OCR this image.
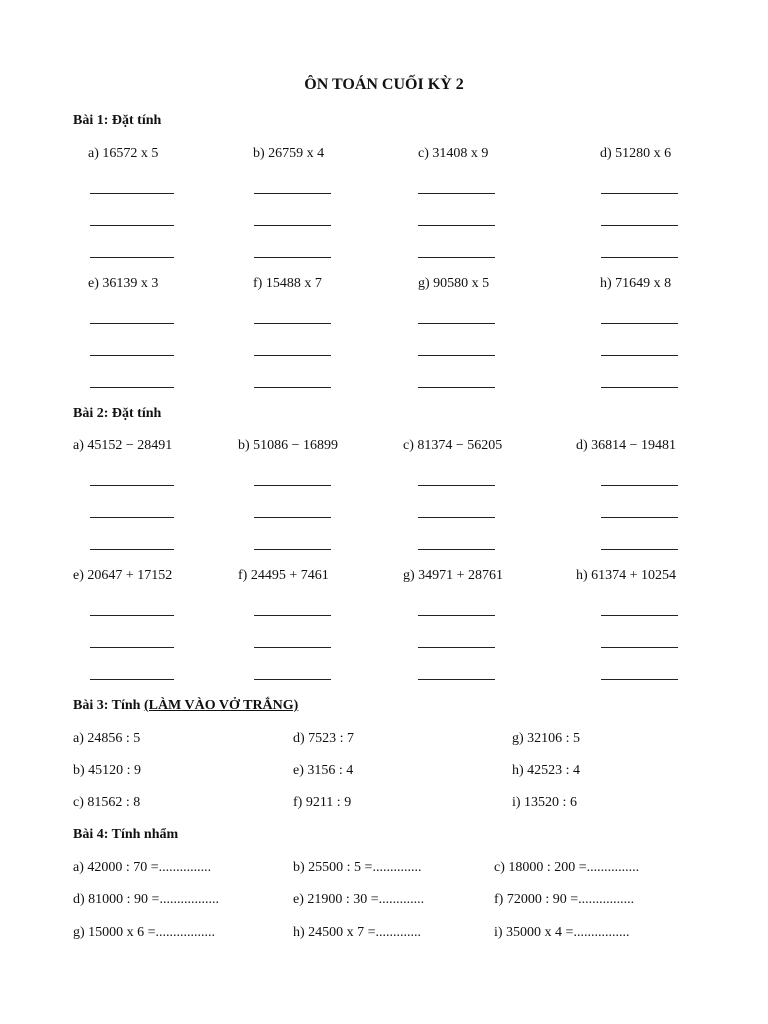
ÔN TOÁN CUỐI KỲ 2
Bài 1: Đặt tính
a) 16572 x 5	b) 26759 x 4	c) 31408 x 9	d) 51280 x 6
e) 36139 x 3	f) 15488 x 7	g) 90580 x 5	h) 71649 x 8
Bài 2: Đặt tính
a) 45152 − 28491	b) 51086 − 16899	c) 81374 − 56205	d) 36814 − 19481
e) 20647 + 17152	f) 24495 + 7461	g) 34971 + 28761	h) 61374 + 10254
Bài 3: Tính (LÀM VÀO VỞ TRẮNG)
a) 24856 : 5	d) 7523 : 7	g) 32106 : 5
b) 45120 : 9	e) 3156 : 4	h) 42523 : 4
c) 81562 : 8	f) 9211 : 9	i) 13520 : 6
Bài 4: Tính nhẩm
a) 42000 : 70 =...............	b) 25500 : 5 =..............	c) 18000 : 200 =...............
d) 81000 : 90 =.................	e) 21900 : 30 =.............	f) 72000 : 90 =................
g) 15000 x 6 =.................	h) 24500 x 7 =.............	i) 35000 x 4 =................
